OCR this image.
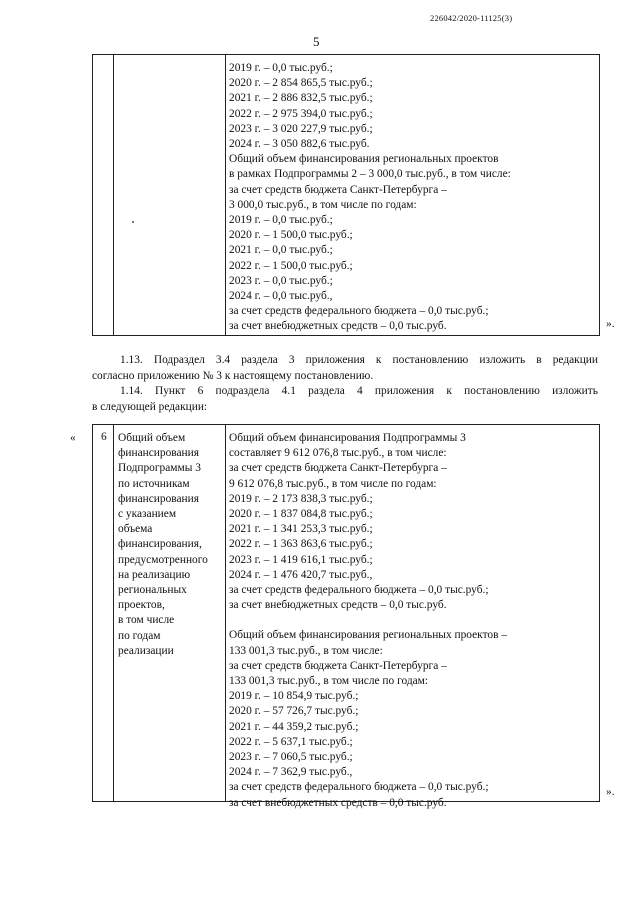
226042/2020-11125(3)
5
2019 г. – 0,0 тыс.руб.;
2020 г. – 2 854 865,5 тыс.руб.;
2021 г. – 2 886 832,5 тыс.руб.;
2022 г. – 2 975 394,0 тыс.руб.;
2023 г. – 3 020 227,9 тыс.руб.;
2024 г. – 3 050 882,6 тыс.руб.
Общий объем финансирования региональных проектов
в рамках Подпрограммы 2 – 3 000,0 тыс.руб., в том числе:
за счет средств бюджета Санкт-Петербурга –
3 000,0 тыс.руб., в том числе по годам:
2019 г. – 0,0 тыс.руб.;
2020 г. – 1 500,0 тыс.руб.;
2021 г. – 0,0 тыс.руб.;
2022 г. – 1 500,0 тыс.руб.;
2023 г. – 0,0 тыс.руб.;
2024 г. – 0,0 тыс.руб.,
за счет средств федерального бюджета – 0,0 тыс.руб.;
за счет внебюджетных средств – 0,0 тыс.руб.	».
1.13. Подраздел 3.4 раздела 3 приложения к постановлению изложить в редакции
согласно приложению № 3 к настоящему постановлению.
1.14. Пункт 6 подраздела 4.1 раздела 4 приложения к постановлению изложить
в следующей редакции:
« 6 Общий объем
финансирования
Подпрограммы 3
по источникам
финансирования
с указанием
объема
финансирования,
предусмотренного
на реализацию
региональных
проектов,
в том числе
по годам
реализации
Общий объем финансирования Подпрограммы 3
составляет 9 612 076,8 тыс.руб., в том числе:
за счет средств бюджета Санкт-Петербурга –
9 612 076,8 тыс.руб., в том числе по годам:
2019 г. – 2 173 838,3 тыс.руб.;
2020 г. – 1 837 084,8 тыс.руб.;
2021 г. – 1 341 253,3 тыс.руб.;
2022 г. – 1 363 863,6 тыс.руб.;
2023 г. – 1 419 616,1 тыс.руб.;
2024 г. – 1 476 420,7 тыс.руб.,
за счет средств федерального бюджета – 0,0 тыс.руб.;
за счет внебюджетных средств – 0,0 тыс.руб.
Общий объем финансирования региональных проектов –
133 001,3 тыс.руб., в том числе:
за счет средств бюджета Санкт-Петербурга –
133 001,3 тыс.руб., в том числе по годам:
2019 г. – 10 854,9 тыс.руб.;
2020 г. – 57 726,7 тыс.руб.;
2021 г. – 44 359,2 тыс.руб.;
2022 г. – 5 637,1 тыс.руб.;
2023 г. – 7 060,5 тыс.руб.;
2024 г. – 7 362,9 тыс.руб.,
за счет средств федерального бюджета – 0,0 тыс.руб.;
за счет внебюджетных средств – 0,0 тыс.руб.
».
